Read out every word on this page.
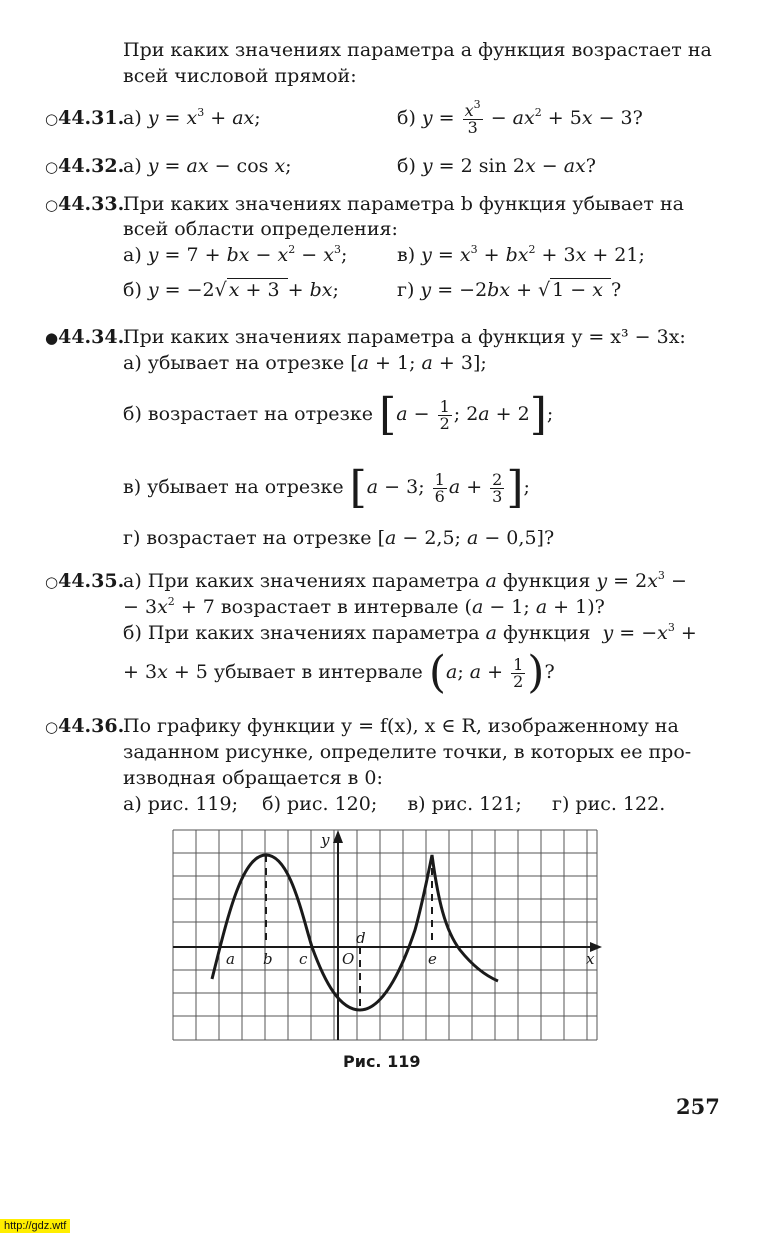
При каких значениях параметра a функция возрастает на
всей числовой прямой:
○44.31.
а) $y = x^3$ + ax;	б) $y = \frac{x^3}{3} - ax^2 + 5x - 3$?
○44.32.
а) y = ax − cos x;	б) y = 2 sin 2x − ax?
○44.33.
При каких значениях параметра b функция убывает на
всей области определения:
а) y = 7 + bx − $x^2 - x^3$;	в) $y = x^3 + bx^2 + 3x + 21$;
б) y = −2√ x + 3 + bx;	г) y = −2bx + √ 1 − x ?
●44.34.
При каких значениях параметра a функция y = x³ − 3x:
а) убывает на отрезке [a + 1; a + 3];
б) возрастает на отрезке [$a - \frac{1}{2}$ ; 2a + 2];
в) убывает на отрезке [a − 3; $\frac{1}{6}$ $a + \frac{2}{3}$ ];
г) возрастает на отрезке [a − 2,5; a − 0,5]?
○44.35.
а) При каких значениях параметра a функция $y = 2x^3$ −
− $3x^2 + 7$ возрастает в интервале (a − 1; a + 1)?
б) При каких значениях параметра a функция  $y = -x^3$ +
+ 3x + 5 убывает в интервале (a; $a + \frac{1}{2}$ )?
○44.36.
По графику функции y = f(x), x ∈ R, изображенному на
заданном рисунке, определите точки, в которых ее про-
изводная обращается в 0:
а) рис. 119;    б) рис. 120;     в) рис. 121;     г) рис. 122.
y
x
a b c
d
O	e
Рис. 119
257
http://gdz.wtf
